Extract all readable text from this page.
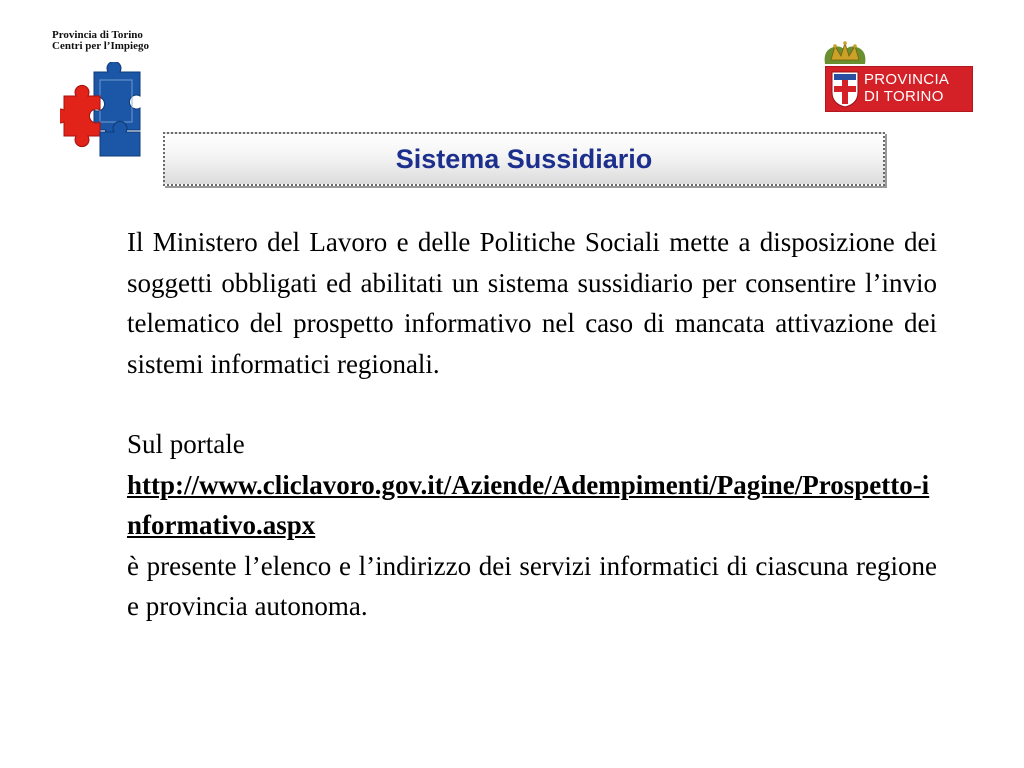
Provincia di Torino
Centri per l’Impiego
PROVINCIA
DI TORINO
Sistema Sussidiario

Il Ministero del Lavoro e delle Politiche Sociali mette a disposizione dei soggetti obbligati ed abilitati un sistema sussidiario per consentire l’invio telematico del prospetto informativo nel caso di mancata attivazione dei sistemi informatici regionali.

Sul portale

http://www.cliclavoro.gov.it/Aziende/Adempimenti/Pagine/Prospetto-informativo.aspx

è presente l’elenco e l’indirizzo dei servizi informatici di ciascuna regione e provincia autonoma.
